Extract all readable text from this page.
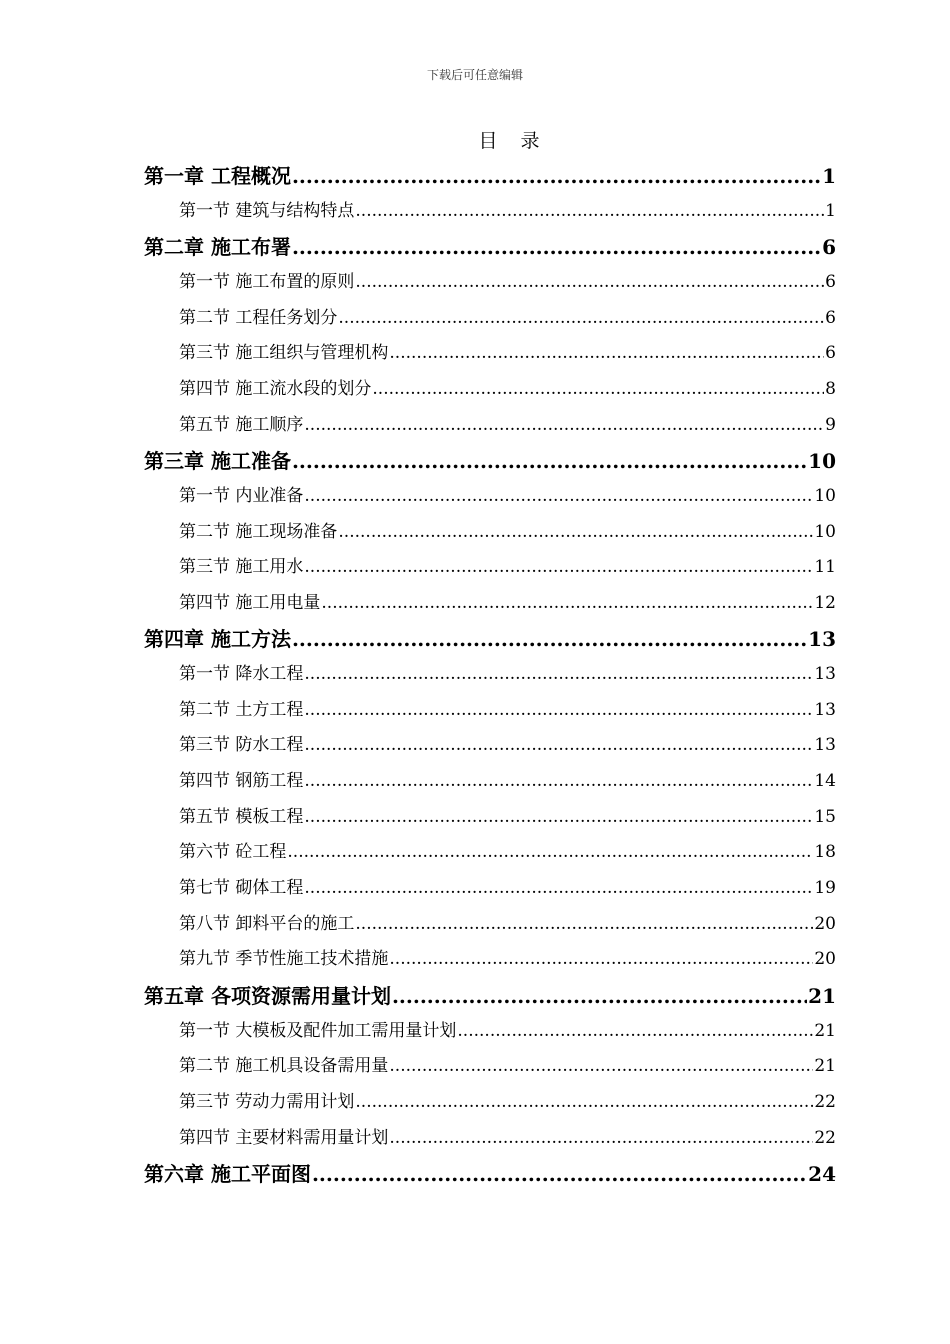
下载后可任意编辑
目　录
第一章 工程概况 .....	1
第一节 建筑与结构特点 .....	1
第二章 施工布署 .....	6
第一节 施工布置的原则 .....	6
第二节 工程任务划分 .....	6
第三节 施工组织与管理机构 .....	6
第四节 施工流水段的划分 .....	8
第五节 施工顺序 .....	9
第三章 施工准备 .....	10
第一节 内业准备 .....	10
第二节 施工现场准备 .....	10
第三节 施工用水 .....	11
第四节 施工用电量 .....	12
第四章 施工方法 .....	13
第一节 降水工程 .....	13
第二节 土方工程 .....	13
第三节 防水工程 .....	13
第四节 钢筋工程 .....	14
第五节 模板工程 .....	15
第六节 砼工程 .....	18
第七节 砌体工程 .....	19
第八节 卸料平台的施工 .....	20
第九节 季节性施工技术措施 .....	20
第五章 各项资源需用量计划 .....	21
第一节 大模板及配件加工需用量计划 .....	21
第二节 施工机具设备需用量 .....	21
第三节 劳动力需用计划 .....	22
第四节 主要材料需用量计划 .....	22
第六章 施工平面图 .....	24
